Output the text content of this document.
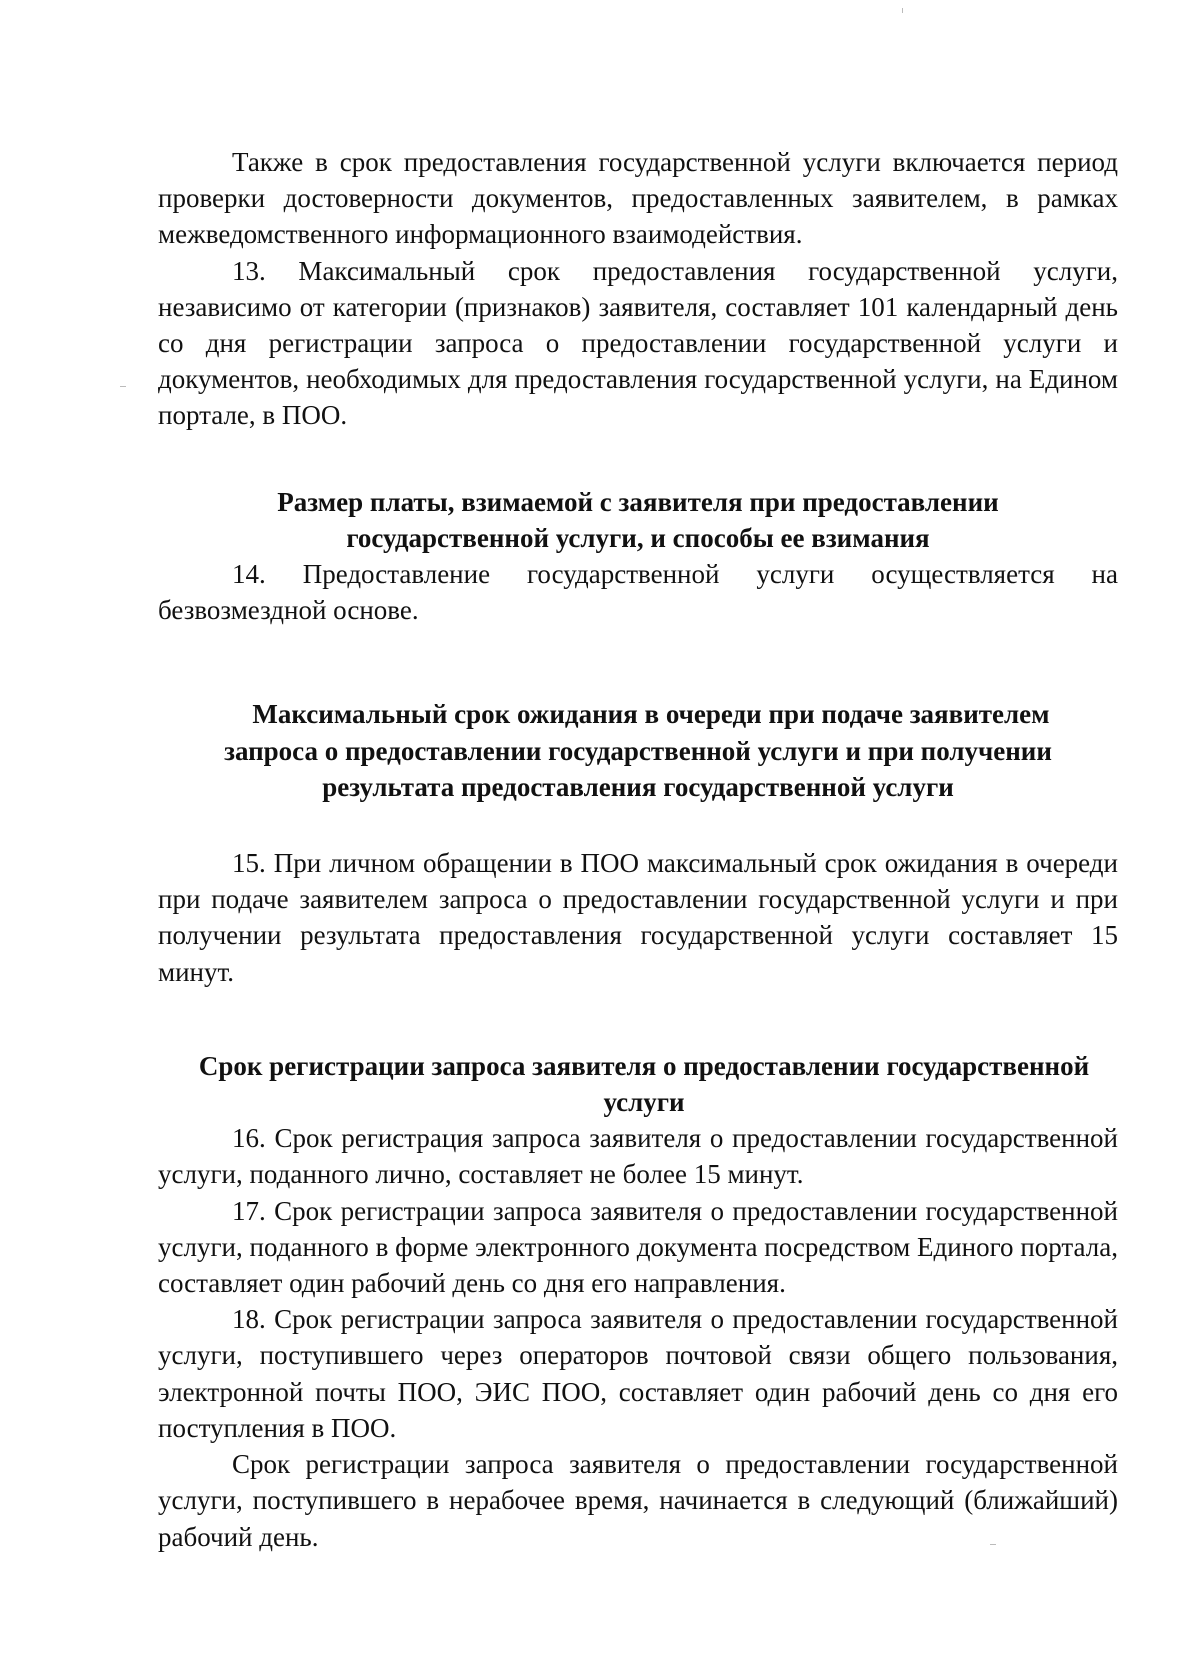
Также в срок предоставления государственной услуги включается период проверки достоверности документов, предоставленных заявителем, в рамках межведомственного информационного взаимодействия.

13. Максимальный срок предоставления государственной услуги, независимо от категории (признаков) заявителя, составляет 101 календарный день со дня регистрации запроса о предоставлении государственной услуги и документов, необходимых для предоставления государственной услуги, на Едином портале, в ПОО.

Размер платы, взимаемой с заявителя при предоставлении
государственной услуги, и способы ее взимания

14. Предоставление государственной услуги осуществляется на безвозмездной основе.

Максимальный срок ожидания в очереди при подаче заявителем
запроса о предоставлении государственной услуги и при получении
результата предоставления государственной услуги

15. При личном обращении в ПОО максимальный срок ожидания в очереди при подаче заявителем запроса о предоставлении государственной услуги и при получении результата предоставления государственной услуги составляет 15 минут.

Срок регистрации запроса заявителя о предоставлении государственной
услуги

16. Срок регистрация запроса заявителя о предоставлении государственной услуги, поданного лично, составляет не более 15 минут.

17. Срок регистрации запроса заявителя о предоставлении государственной услуги, поданного в форме электронного документа посредством Единого портала, составляет один рабочий день со дня его направления.

18. Срок регистрации запроса заявителя о предоставлении государственной услуги, поступившего через операторов почтовой связи общего пользования, электронной почты ПОО, ЭИС ПОО, составляет один рабочий день со дня его поступления в ПОО.

Срок регистрации запроса заявителя о предоставлении государственной услуги, поступившего в нерабочее время, начинается в следующий (ближайший) рабочий день.
